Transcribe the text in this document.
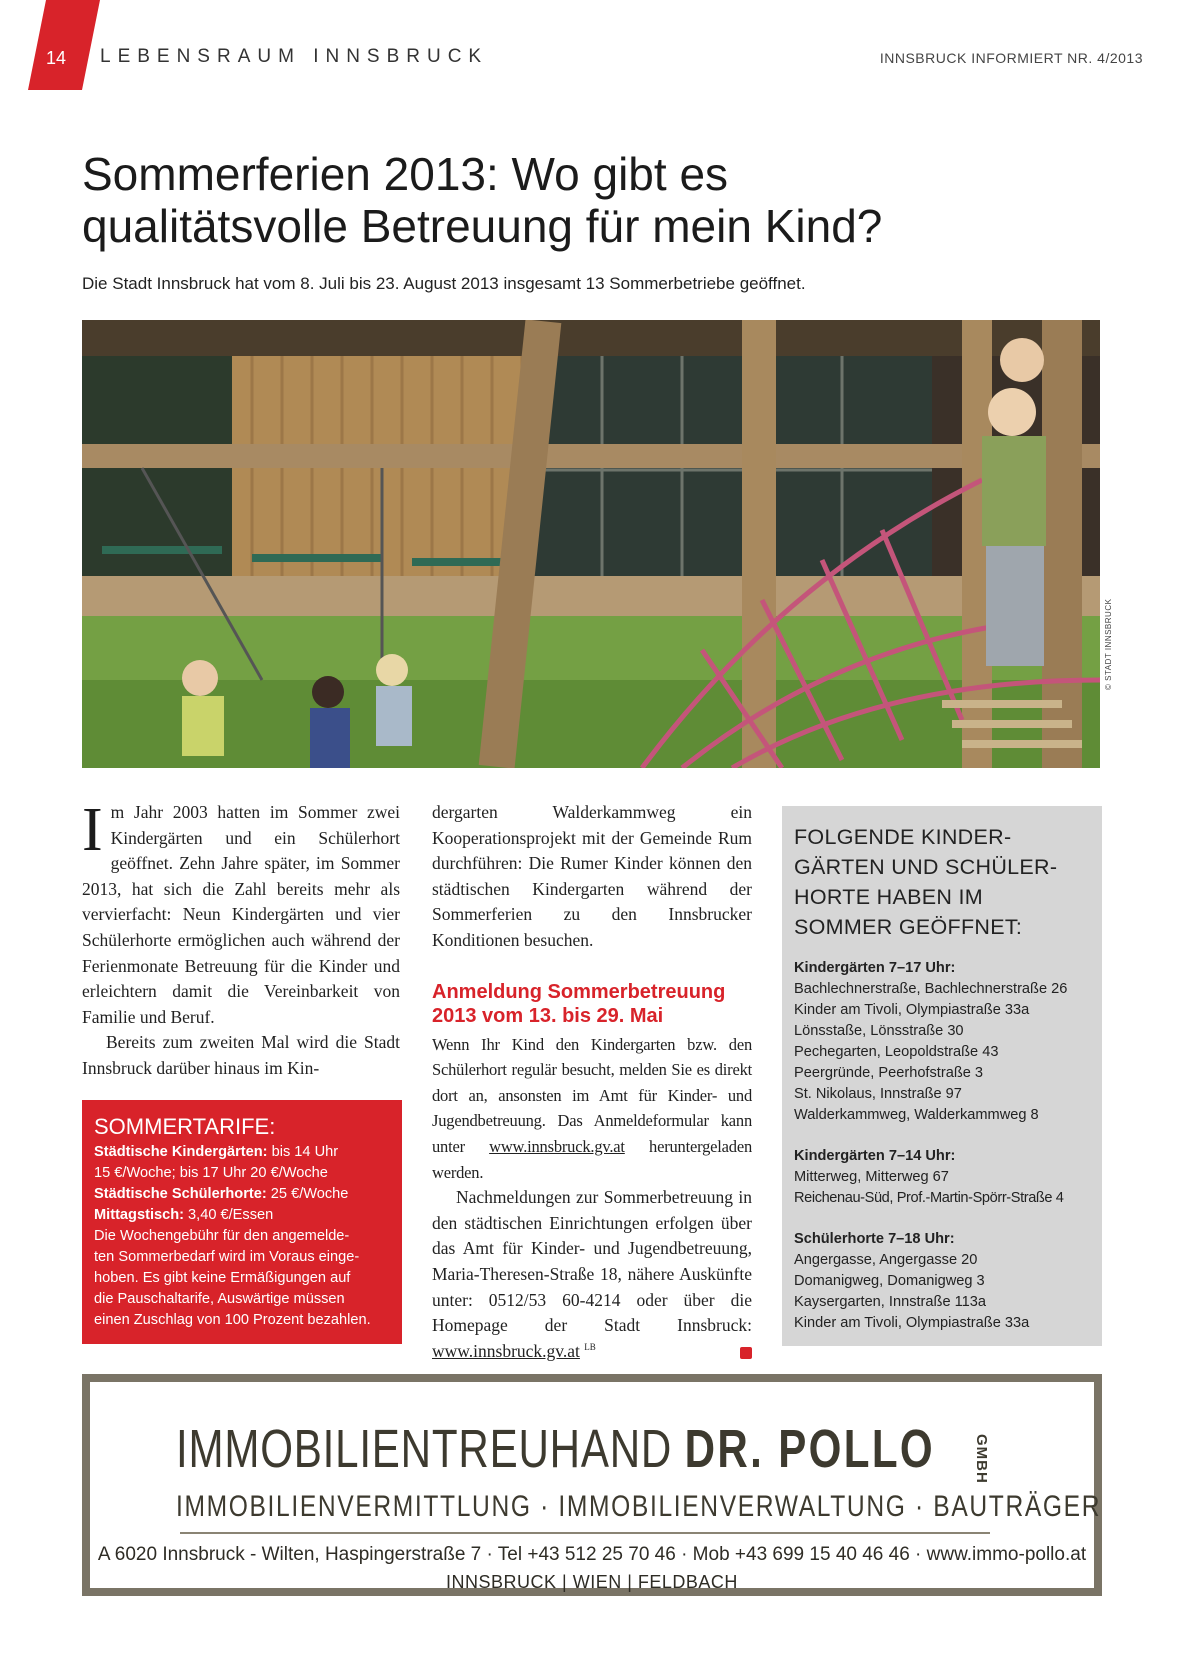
14 LEBENSRAUM INNSBRUCK	INNSBRUCK INFORMIERT NR. 4/2013
Sommerferien 2013: Wo gibt es
qualitätsvolle Betreuung für mein Kind?
Die Stadt Innsbruck hat vom 8. Juli bis 23. August 2013 insgesamt 13 Sommerbetriebe geöffnet.
© STADT INNSBRUCK

Im Jahr 2003 hatten im Sommer zwei Kindergärten und ein Schülerhort geöffnet. Zehn Jahre später, im Sommer 2013, hat sich die Zahl bereits mehr als vervierfacht: Neun Kindergärten und vier Schülerhorte ermöglichen auch während der Ferienmonate Betreuung für die Kinder und erleichtern damit die Vereinbarkeit von Familie und Beruf.

Bereits zum zweiten Mal wird die Stadt Innsbruck darüber hinaus im Kin-

SOMMERTARIFE:
Städtische Kindergärten: bis 14 Uhr
15 €/Woche; bis 17 Uhr 20 €/Woche
Städtische Schülerhorte: 25 €/Woche
Mittagstisch: 3,40 €/Essen
Die Wochengebühr für den angemelde-
ten Sommerbedarf wird im Voraus einge-
hoben. Es gibt keine Ermäßigungen auf
die Pauschaltarife, Auswärtige müssen
einen Zuschlag von 100 Prozent bezahlen.

dergarten Walderkammweg ein Kooperationsprojekt mit der Gemeinde Rum durchführen: Die Rumer Kinder können den städtischen Kindergarten während der Sommerferien zu den Innsbrucker Konditionen besuchen.

Anmeldung Sommerbetreuung 2013 vom 13. bis 29. Mai

Wenn Ihr Kind den Kindergarten bzw. den Schülerhort regulär besucht, melden Sie es direkt dort an, ansonsten im Amt für Kinder- und Jugendbetreuung. Das Anmeldeformular kann unter www.innsbruck.gv.at heruntergeladen werden.

Nachmeldungen zur Sommerbetreuung in den städtischen Einrichtungen erfolgen über das Amt für Kinder- und Jugendbetreuung, Maria-Theresen-Straße 18, nähere Auskünfte unter: 0512/53 60-4214 oder über die Homepage der Stadt Innsbruck: www.innsbruck.gv.at $^{LB}$

FOLGENDE KINDER-
GÄRTEN UND SCHÜLER-
HORTE HABEN IM
SOMMER GEÖFFNET:
Kindergärten 7–17 Uhr:
Bachlechnerstraße, Bachlechnerstraße 26
Kinder am Tivoli, Olympiastraße 33a
Lönsstaße, Lönsstraße 30
Pechegarten, Leopoldstraße 43
Peergründe, Peerhofstraße 3
St. Nikolaus, Innstraße 97
Walderkammweg, Walderkammweg 8
Kindergärten 7–14 Uhr:
Mitterweg, Mitterweg 67
Reichenau-Süd, Prof.-Martin-Spörr-Straße 4
Schülerhorte 7–18 Uhr:
Angergasse, Angergasse 20
Domanigweg, Domanigweg 3
Kaysergarten, Innstraße 113a
Kinder am Tivoli, Olympiastraße 33a
IMMOBILIENTREUHAND DR. POLLO	GMBH
IMMOBILIENVERMITTLUNG · IMMOBILIENVERWALTUNG · BAUTRÄGER
A 6020 Innsbruck - Wilten, Haspingerstraße 7 · Tel +43 512 25 70 46 · Mob +43 699 15 40 46 46 · www.immo-pollo.at
INNSBRUCK | WIEN | FELDBACH
